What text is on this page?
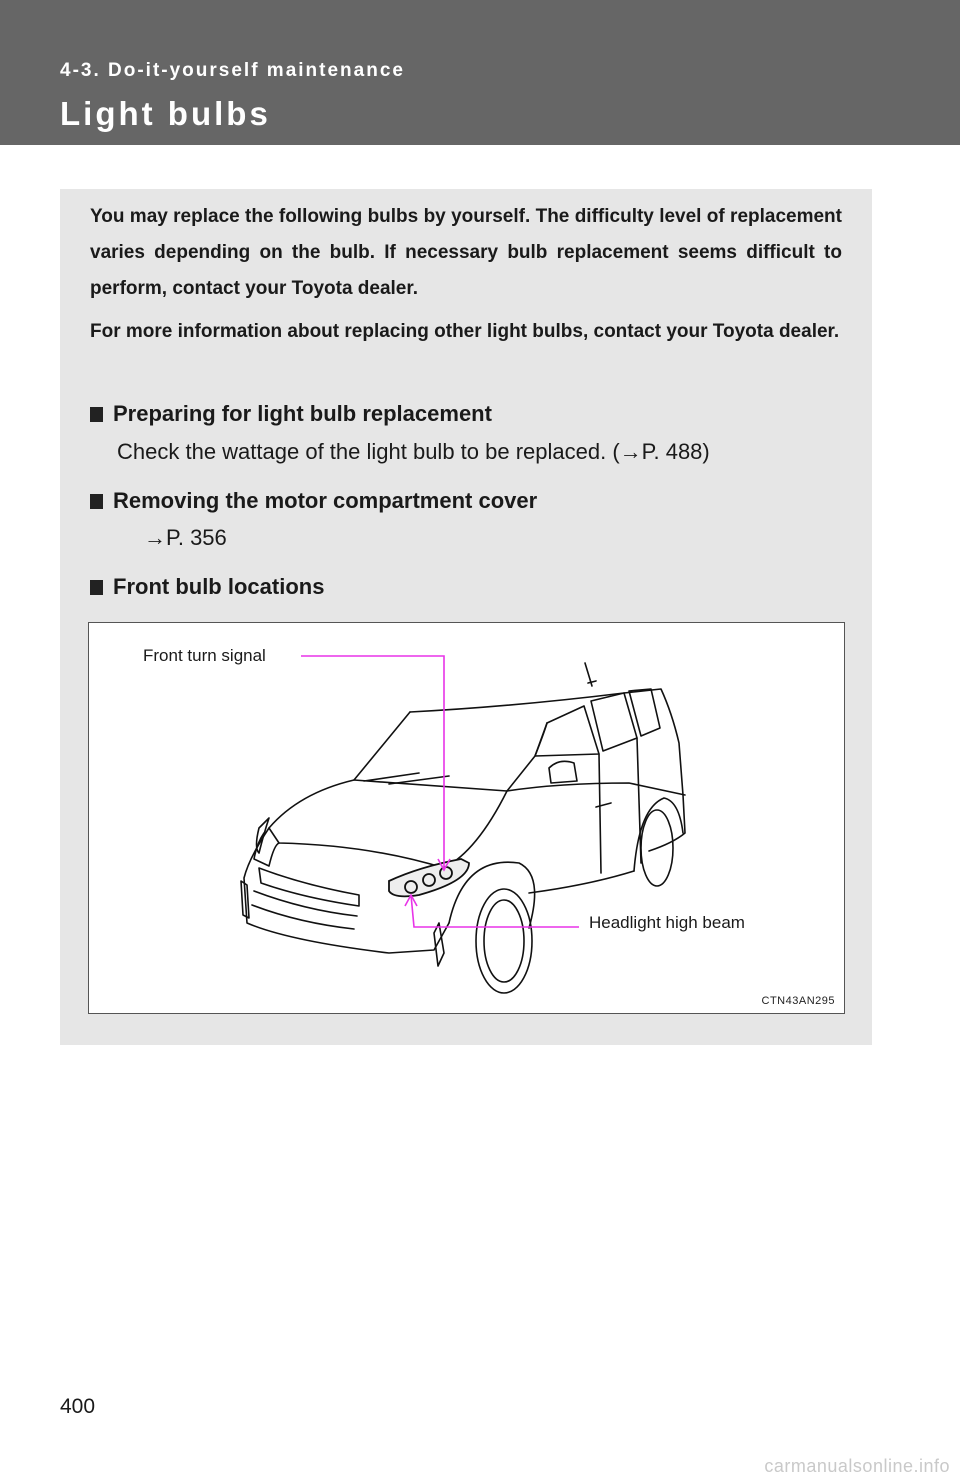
4-3. Do-it-yourself maintenance
Light bulbs

You may replace the following bulbs by yourself. The difficulty level of replacement varies depending on the bulb. If necessary bulb replacement seems difficult to perform, contact your Toyota dealer.

For more information about replacing other light bulbs, contact your Toyota dealer.

Preparing for light bulb replacement
Check the wattage of the light bulb to be replaced. (→P. 488)
Removing the motor compartment cover
→P. 356
Front bulb locations
Front turn signal
Headlight high beam
CTN43AN295
400
carmanualsonline.info
